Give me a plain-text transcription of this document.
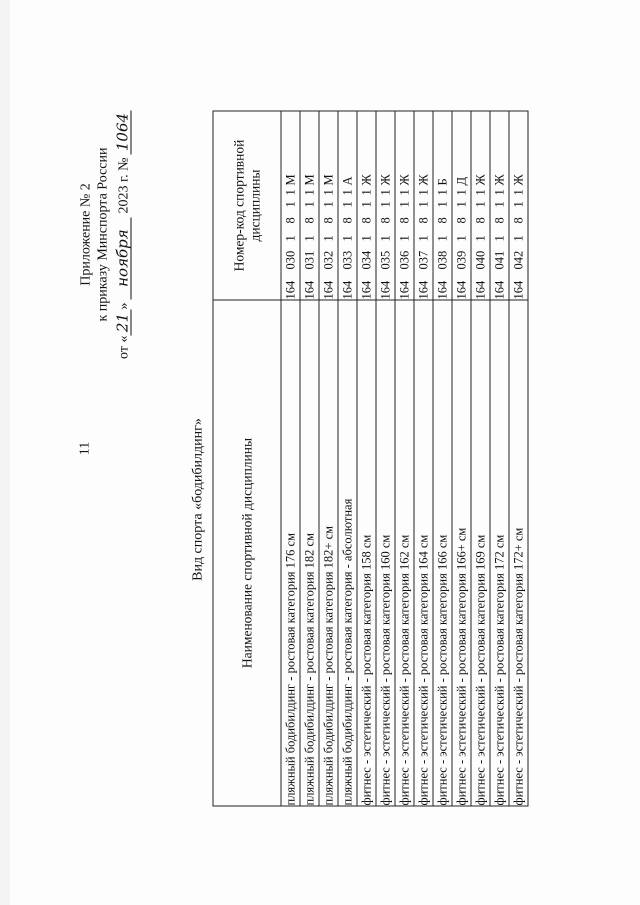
11
Приложение № 2 к приказу Минспорта России
от «21» ноября 2023 г. № 1064
Вид спорта «бодибилдинг» Наименование спортивной дисциплины	Номер-код спортивной
дисциплины
пляжный бодибилдинг - ростовая категория 176 см	1640301811М
пляжный бодибилдинг - ростовая категория 182 см	1640311811М
пляжный бодибилдинг - ростовая категория 182+ см	1640321811М
пляжный бодибилдинг - ростовая категория - абсолютная	1640331811А
фитнес - эстетический - ростовая категория 158 см	1640341811Ж
фитнес - эстетический - ростовая категория 160 см	1640351811Ж
фитнес - эстетический - ростовая категория 162 см	1640361811Ж
фитнес - эстетический - ростовая категория 164 см	1640371811Ж
фитнес - эстетический - ростовая категория 166 см	1640381811Б
фитнес - эстетический - ростовая категория 166+ см	1640391811Д
фитнес - эстетический - ростовая категория 169 см	1640401811Ж
фитнес - эстетический - ростовая категория 172 см	1640411811Ж
фитнес - эстетический - ростовая категория 172+ см	1640421811Ж
